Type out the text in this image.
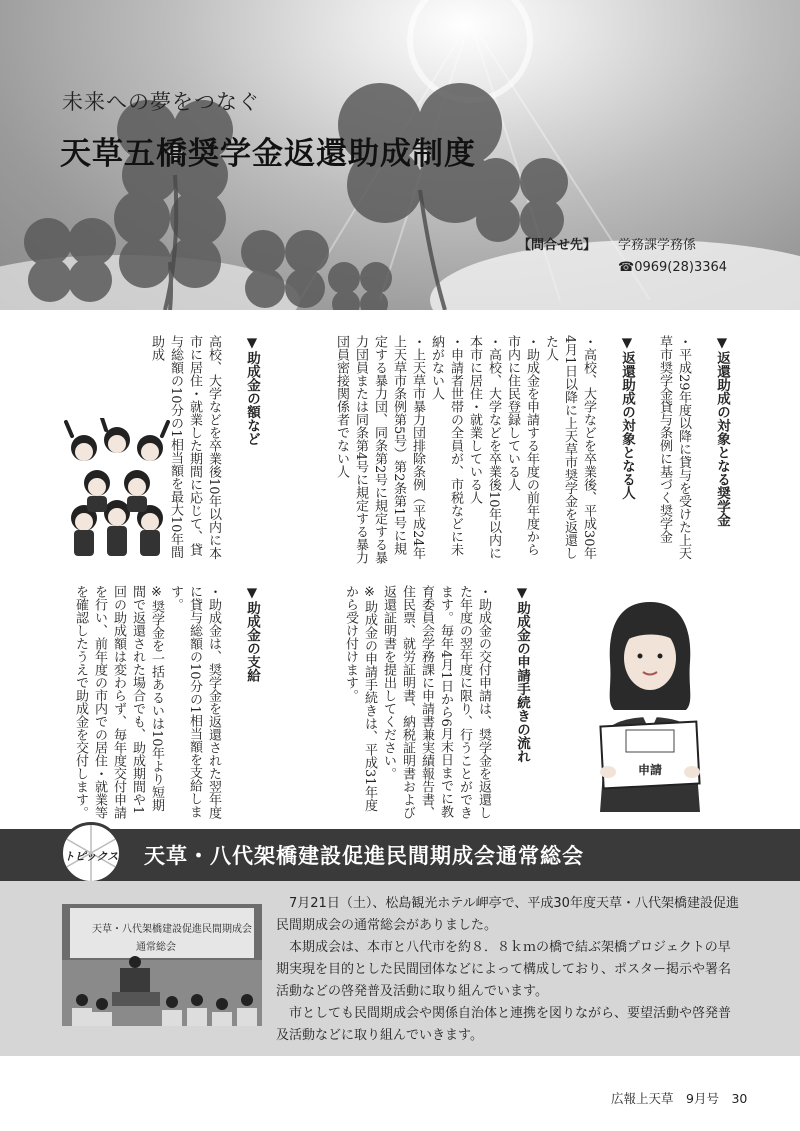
未来への夢をつなぐ
天草五橋奨学金返還助成制度
【問合せ先】 学務課学務係
☎0969(28)3364

▼返還助成の対象となる奨学金

・平成29年度以降に貸与を受けた上天草市奨学金貸与条例に基づく奨学金

▼返還助成の対象となる人

・高校、大学などを卒業後、平成30年4月1日以降に上天草市奨学金を返還した人
・助成金を申請する年度の前年度から市内に住民登録している人
・高校、大学などを卒業後10年以内に本市に居住・就業している人
・申請者世帯の全員が、市税などに未納がない人
・上天草市暴力団排除条例（平成24年上天草市条例第5号）第2条第1号に規定する暴力団、同条第2号に規定する暴力団員または同条第4号に規定する暴力団員密接関係者でない人

▼助成金の額など

高校、大学などを卒業後10年以内に本市に居住・就業した期間に応じて、貸与総額の10分の1相当額を最大10年間助成

▼助成金の申請手続きの流れ

・助成金の交付申請は、奨学金を返還した年度の翌年度に限り、行うことができます。毎年4月1日から6月末日までに教育委員会学務課に申請書兼実績報告書、住民票、就労証明書、納税証明書および返還証明書を提出してください。
※助成金の申請手続きは、平成31年度から受け付けます。

▼助成金の支給

・助成金は、奨学金を返還された翌年度に貸与総額の10分の1相当額を支給します。
※奨学金を一括あるいは10年より短期間で返還された場合でも、助成期間や1回の助成額は変わらず、毎年度交付申請を行い、前年度の市内での居住・就業等を確認したうえで助成金を交付します。	申請
トピックス 天草・八代架橋建設促進民間期成会通常総会
天草・八代架橋建設促進民間期成会
通常総会

7月21日（土）、松島観光ホテル岬亭で、平成30年度天草・八代架橋建設促進民間期成会の通常総会がありました。

本期成会は、本市と八代市を約８．８ｋｍの橋で結ぶ架橋プロジェクトの早期実現を目的とした民間団体などによって構成しており、ポスター掲示や署名活動などの啓発普及活動に取り組んでいます。

市としても民間期成会や関係自治体と連携を図りながら、要望活動や啓発普及活動などに取り組んでいきます。

広報上天草　9月号　30
